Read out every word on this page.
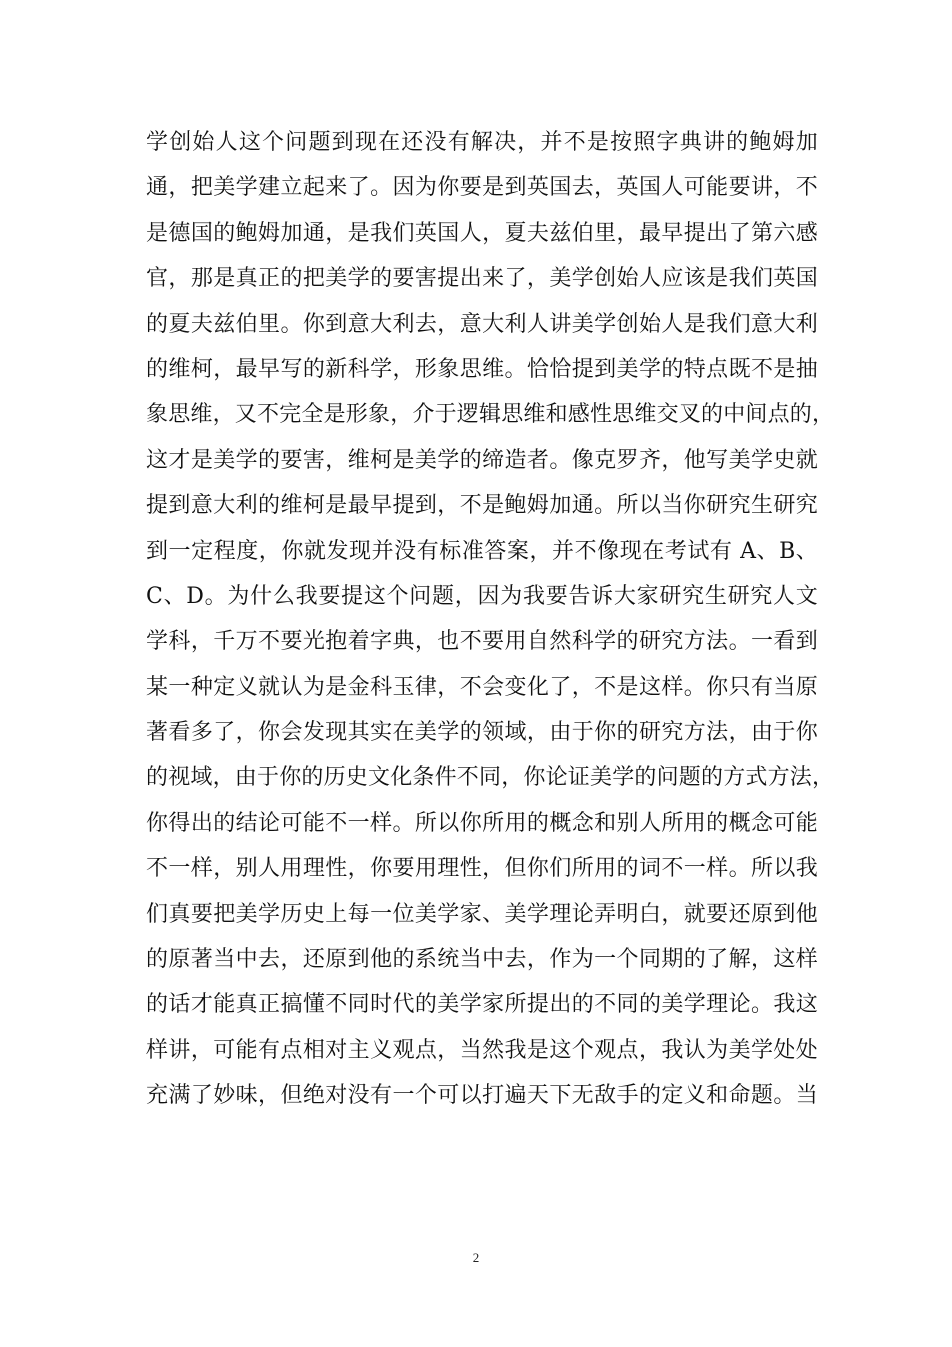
学创始人这个问题到现在还没有解决，并不是按照字典讲的鲍姆加
通，把美学建立起来了。因为你要是到英国去，英国人可能要讲，不
是德国的鲍姆加通，是我们英国人，夏夫兹伯里，最早提出了第六感
官，那是真正的把美学的要害提出来了，美学创始人应该是我们英国
的夏夫兹伯里。你到意大利去，意大利人讲美学创始人是我们意大利
的维柯，最早写的新科学，形象思维。恰恰提到美学的特点既不是抽
象思维，又不完全是形象，介于逻辑思维和感性思维交叉的中间点的，
这才是美学的要害，维柯是美学的缔造者。像克罗齐，他写美学史就
提到意大利的维柯是最早提到，不是鲍姆加通。所以当你研究生研究
到一定程度，你就发现并没有标准答案，并不像现在考试有 A、B、
C、D。为什么我要提这个问题，因为我要告诉大家研究生研究人文
学科，千万不要光抱着字典，也不要用自然科学的研究方法。一看到
某一种定义就认为是金科玉律，不会变化了，不是这样。你只有当原
著看多了，你会发现其实在美学的领域，由于你的研究方法，由于你
的视域，由于你的历史文化条件不同，你论证美学的问题的方式方法，
你得出的结论可能不一样。所以你所用的概念和别人所用的概念可能
不一样，别人用理性，你要用理性，但你们所用的词不一样。所以我
们真要把美学历史上每一位美学家、美学理论弄明白，就要还原到他
的原著当中去，还原到他的系统当中去，作为一个同期的了解，这样
的话才能真正搞懂不同时代的美学家所提出的不同的美学理论。我这
样讲，可能有点相对主义观点，当然我是这个观点，我认为美学处处
充满了妙味，但绝对没有一个可以打遍天下无敌手的定义和命题。当
2
